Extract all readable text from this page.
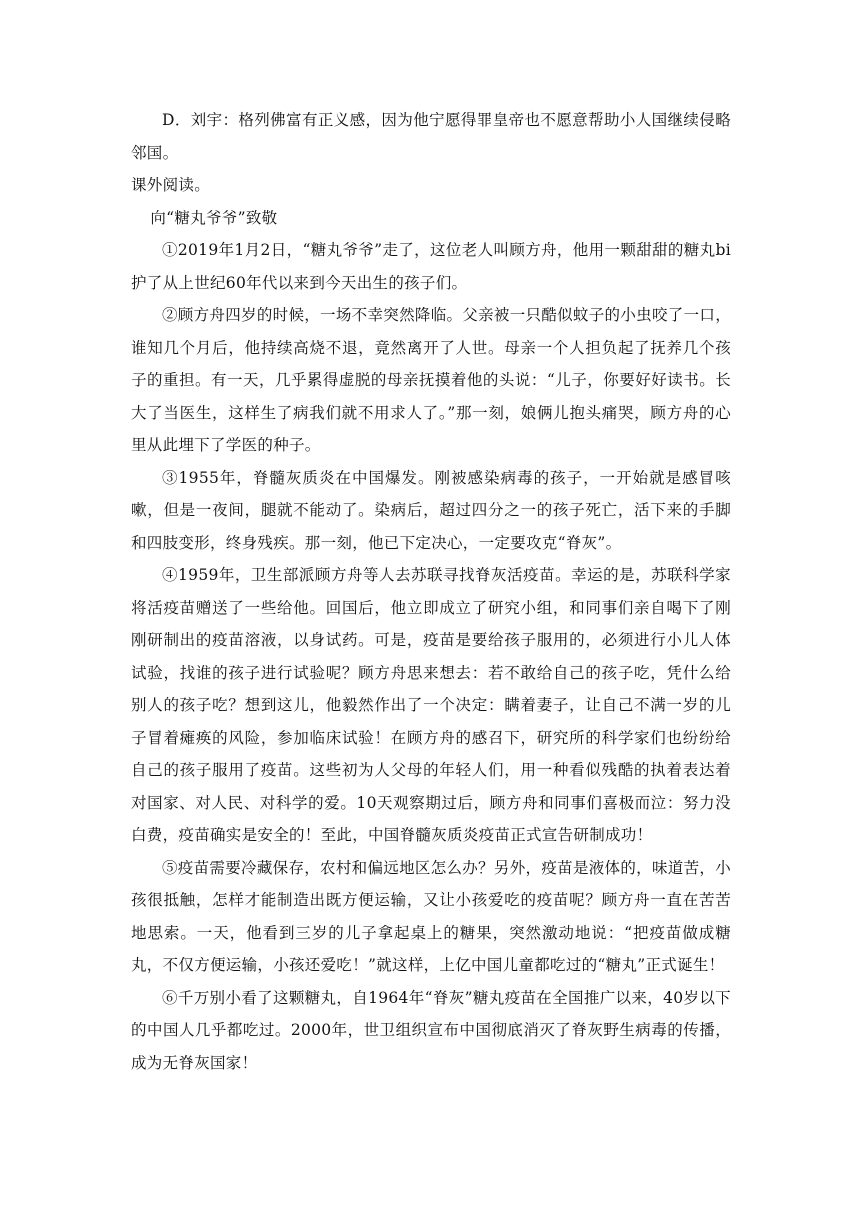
D．刘宇：格列佛富有正义感，因为他宁愿得罪皇帝也不愿意帮助小人国继续侵略邻国。

课外阅读。

向“糖丸爷爷”致敬

①2019年1月2日，“糖丸爷爷”走了，这位老人叫顾方舟，他用一颗甜甜的糖丸bi护了从上世纪60年代以来到今天出生的孩子们。

②顾方舟四岁的时候，一场不幸突然降临。父亲被一只酷似蚊子的小虫咬了一口，谁知几个月后，他持续高烧不退，竟然离开了人世。母亲一个人担负起了抚养几个孩子的重担。有一天，几乎累得虚脱的母亲抚摸着他的头说：“儿子，你要好好读书。长大了当医生，这样生了病我们就不用求人了。”那一刻，娘俩儿抱头痛哭，顾方舟的心里从此埋下了学医的种子。

③1955年，脊髓灰质炎在中国爆发。刚被感染病毒的孩子，一开始就是感冒咳嗽，但是一夜间，腿就不能动了。染病后，超过四分之一的孩子死亡，活下来的手脚和四肢变形，终身残疾。那一刻，他已下定决心，一定要攻克“脊灰”。

④1959年，卫生部派顾方舟等人去苏联寻找脊灰活疫苗。幸运的是，苏联科学家将活疫苗赠送了一些给他。回国后，他立即成立了研究小组，和同事们亲自喝下了刚刚研制出的疫苗溶液，以身试药。可是，疫苗是要给孩子服用的，必须进行小儿人体试验，找谁的孩子进行试验呢？顾方舟思来想去：若不敢给自己的孩子吃，凭什么给别人的孩子吃？想到这儿，他毅然作出了一个决定：瞒着妻子，让自己不满一岁的儿子冒着瘫痪的风险，参加临床试验！在顾方舟的感召下，研究所的科学家们也纷纷给自己的孩子服用了疫苗。这些初为人父母的年轻人们，用一种看似残酷的执着表达着对国家、对人民、对科学的爱。10天观察期过后，顾方舟和同事们喜极而泣：努力没白费，疫苗确实是安全的！至此，中国脊髓灰质炎疫苗正式宣告研制成功！

⑤疫苗需要冷藏保存，农村和偏远地区怎么办？另外，疫苗是液体的，味道苦，小孩很抵触，怎样才能制造出既方便运输，又让小孩爱吃的疫苗呢？顾方舟一直在苦苦地思索。一天，他看到三岁的儿子拿起桌上的糖果，突然激动地说：“把疫苗做成糖丸，不仅方便运输，小孩还爱吃！”就这样，上亿中国儿童都吃过的“糖丸”正式诞生！

⑥千万别小看了这颗糖丸，自1964年“脊灰”糖丸疫苗在全国推广以来，40岁以下的中国人几乎都吃过。2000年，世卫组织宣布中国彻底消灭了脊灰野生病毒的传播，成为无脊灰国家！
